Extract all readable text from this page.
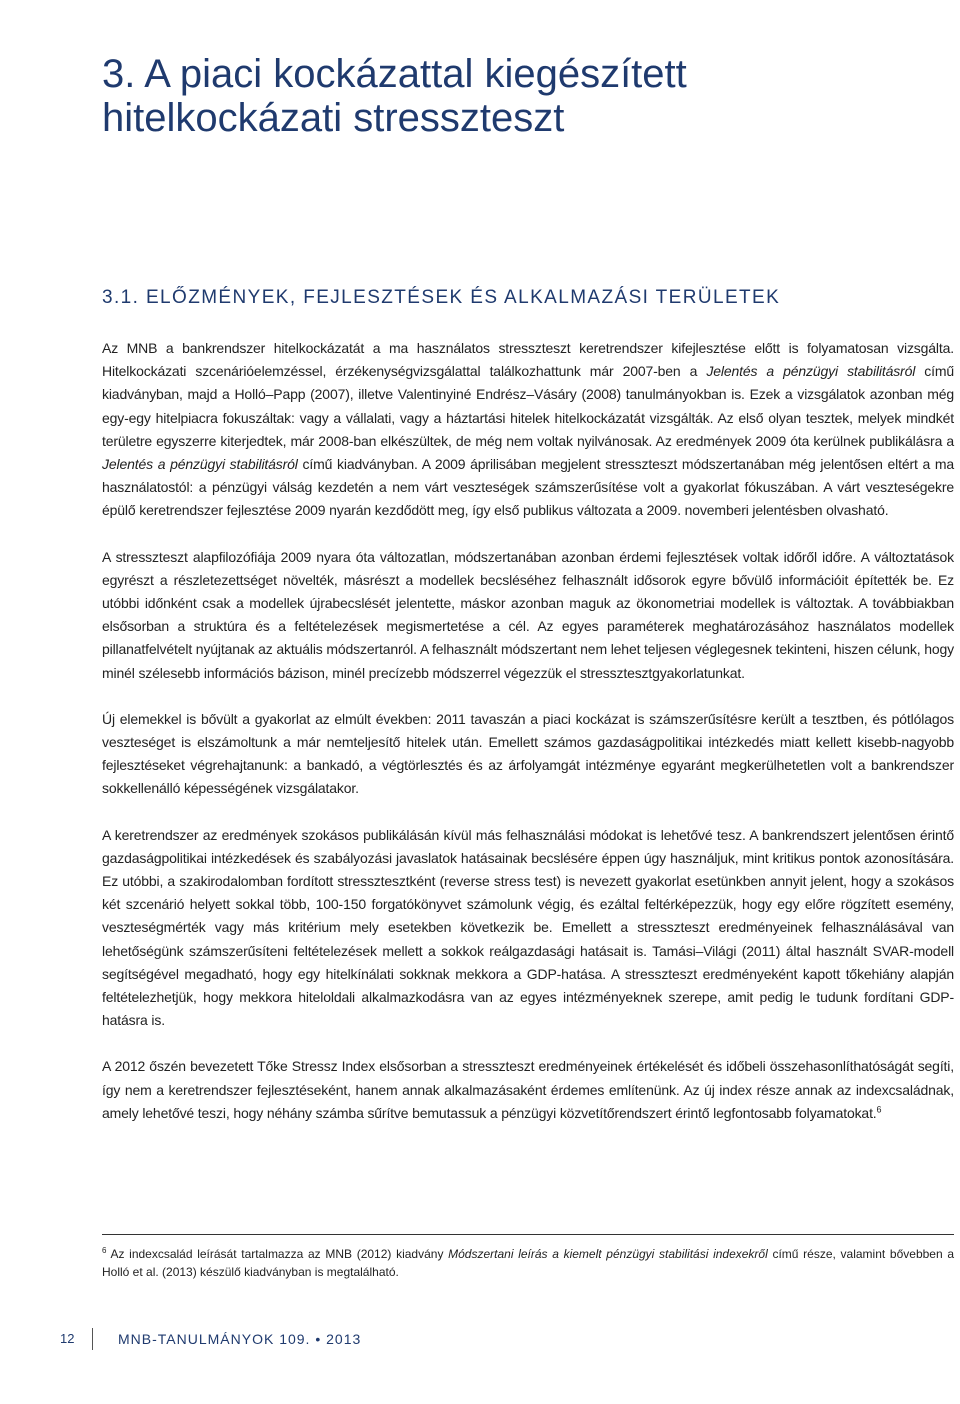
3. A piaci kockázattal kiegészített
hitelkockázati stresszteszt
3.1. ELŐZMÉNYEK, FEJLESZTÉSEK ÉS ALKALMAZÁSI TERÜLETEK

Az MNB a bankrendszer hitelkockázatát a ma használatos stresszteszt keretrendszer kifejlesztése előtt is folyamatosan vizsgálta. Hitelkockázati szcenárióelemzéssel, érzékenységvizsgálattal találkozhattunk már 2007-ben a Jelentés a pénzügyi stabilitásról című kiadványban, majd a Holló–Papp (2007), illetve Valentinyiné Endrész–Vásáry (2008) tanulmányokban is. Ezek a vizsgálatok azonban még egy-egy hitelpiacra fokuszáltak: vagy a vállalati, vagy a háztartási hitelek hitelkockázatát vizsgálták. Az első olyan tesztek, melyek mindkét területre egyszerre kiterjedtek, már 2008-ban elkészültek, de még nem voltak nyilvánosak. Az eredmények 2009 óta kerülnek publikálásra a Jelentés a pénzügyi stabilitásról című kiadványban. A 2009 áprilisában megjelent stresszteszt módszertanában még jelentősen eltért a ma használatostól: a pénzügyi válság kezdetén a nem várt veszteségek számszerűsítése volt a gyakorlat fókuszában. A várt veszteségekre épülő keretrendszer fejlesztése 2009 nyarán kezdődött meg, így első publikus változata a 2009. novemberi jelentésben olvasható.

A stresszteszt alapfilozófiája 2009 nyara óta változatlan, módszertanában azonban érdemi fejlesztések voltak időről időre. A változtatások egyrészt a részletezettséget növelték, másrészt a modellek becsléséhez felhasznált idősorok egyre bővülő információit építették be. Ez utóbbi időnként csak a modellek újrabecslését jelentette, máskor azonban maguk az ökonometriai modellek is változtak. A továbbiakban elsősorban a struktúra és a feltételezések megismertetése a cél. Az egyes paraméterek meghatározásához használatos modellek pillanatfelvételt nyújtanak az aktuális módszertanról. A felhasznált módszertant nem lehet teljesen véglegesnek tekinteni, hiszen célunk, hogy minél szélesebb információs bázison, minél precízebb módszerrel végezzük el stressztesztgyakorlatunkat.

Új elemekkel is bővült a gyakorlat az elmúlt években: 2011 tavaszán a piaci kockázat is számszerűsítésre került a tesztben, és pótlólagos veszteséget is elszámoltunk a már nemteljesítő hitelek után. Emellett számos gazdaságpolitikai intézkedés miatt kellett kisebb-nagyobb fejlesztéseket végrehajtanunk: a bankadó, a végtörlesztés és az árfolyamgát intézménye egyaránt megkerülhetetlen volt a bankrendszer sokkellenálló képességének vizsgálatakor.

A keretrendszer az eredmények szokásos publikálásán kívül más felhasználási módokat is lehetővé tesz. A bankrendszert jelentősen érintő gazdaságpolitikai intézkedések és szabályozási javaslatok hatásainak becslésére éppen úgy használjuk, mint kritikus pontok azonosítására. Ez utóbbi, a szakirodalomban fordított stressztesztként (reverse stress test) is nevezett gyakorlat esetünkben annyit jelent, hogy a szokásos két szcenárió helyett sokkal több, 100-150 forgatókönyvet számolunk végig, és ezáltal feltérképezzük, hogy egy előre rögzített esemény, veszteségmérték vagy más kritérium mely esetekben következik be. Emellett a stresszteszt eredményeinek felhasználásával van lehetőségünk számszerűsíteni feltételezések mellett a sokkok reálgazdasági hatásait is. Tamási–Világi (2011) által használt SVAR-modell segítségével megadható, hogy egy hitelkínálati sokknak mekkora a GDP-hatása. A stresszteszt eredményeként kapott tőkehiány alapján feltételezhetjük, hogy mekkora hiteloldali alkalmazkodásra van az egyes intézményeknek szerepe, amit pedig le tudunk fordítani GDP-hatásra is.

A 2012 őszén bevezetett Tőke Stressz Index elsősorban a stresszteszt eredményeinek értékelését és időbeli összehasonlíthatóságát segíti, így nem a keretrendszer fejlesztéseként, hanem annak alkalmazásaként érdemes említenünk. Az új index része annak az indexcsaládnak, amely lehetővé teszi, hogy néhány számba sűrítve bemutassuk a pénzügyi közvetítőrendszert érintő legfontosabb folyamatokat.$^6$

$^6$ Az indexcsalád leírását tartalmazza az MNB (2012) kiadvány Módszertani leírás a kiemelt pénzügyi stabilitási indexekről című része, valamint bővebben a Holló et al. (2013) készülő kiadványban is megtalálható.

12	MNB-TANULMÁNYOK 109. • 2013
